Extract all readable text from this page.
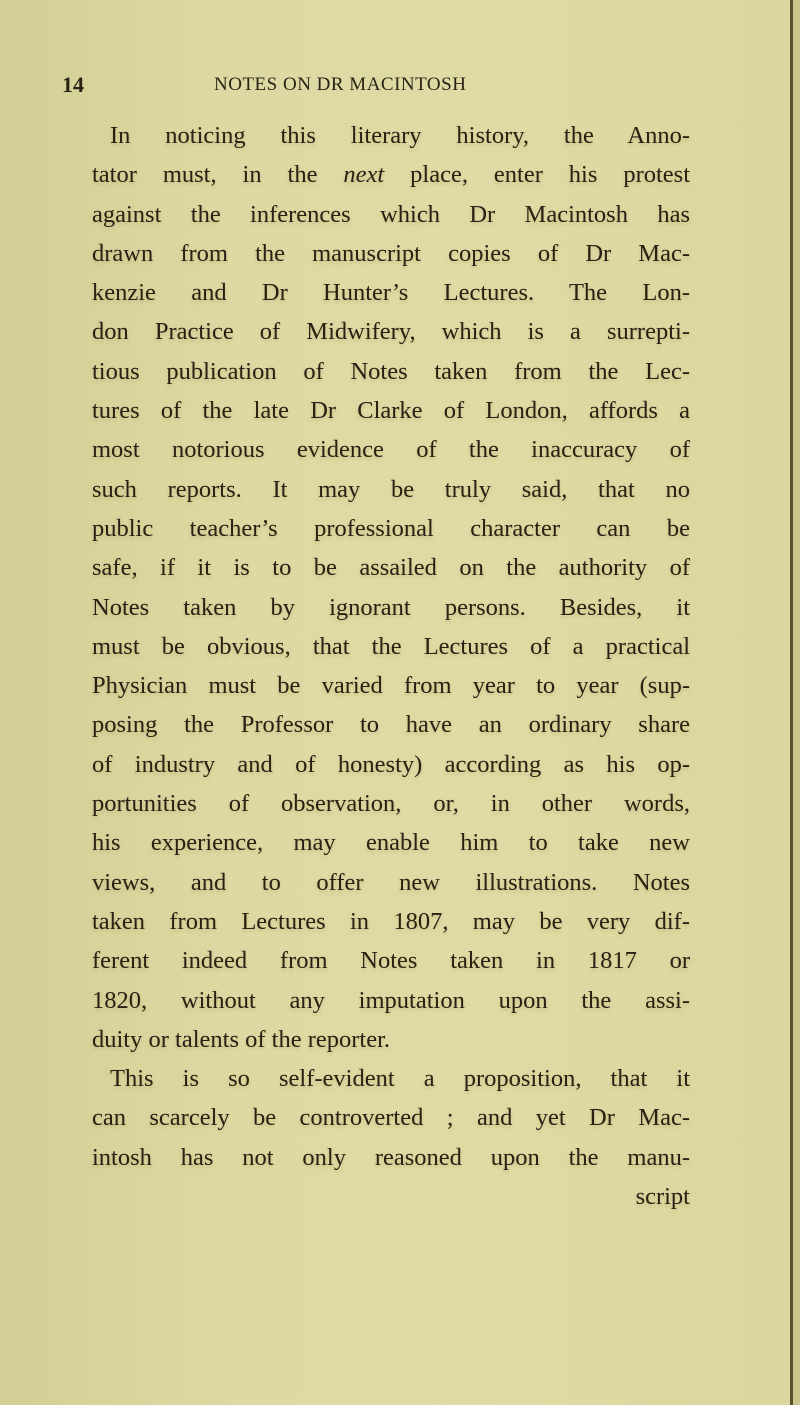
14	NOTES ON DR MACINTOSH
In noticing this literary history, the Anno-
tator must, in the next place, enter his protest
against the inferences which Dr Macintosh has
drawn from the manuscript copies of Dr Mac-
kenzie and Dr Hunter’s Lectures. The Lon-
don Practice of Midwifery, which is a surrepti-
tious publication of Notes taken from the Lec-
tures of the late Dr Clarke of London, affords a
most notorious evidence of the inaccuracy of
such reports. It may be truly said, that no
public teacher’s professional character can be
safe, if it is to be assailed on the authority of
Notes taken by ignorant persons. Besides, it
must be obvious, that the Lectures of a practical
Physician must be varied from year to year (sup-
posing the Professor to have an ordinary share
of industry and of honesty) according as his op-
portunities of observation, or, in other words,
his experience, may enable him to take new
views, and to offer new illustrations. Notes
taken from Lectures in 1807, may be very dif-
ferent indeed from Notes taken in 1817 or
1820, without any imputation upon the assi-
duity or talents of the reporter.
This is so self-evident a proposition, that it
can scarcely be controverted ; and yet Dr Mac-
intosh has not only reasoned upon the manu-
script
